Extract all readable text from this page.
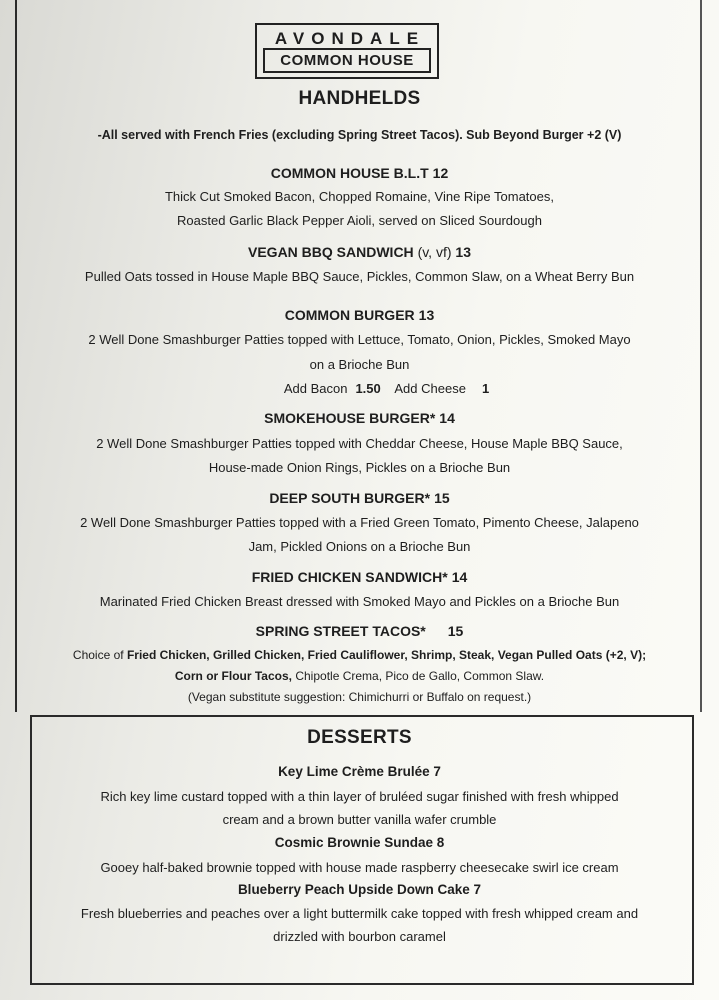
AVONDALE
COMMON HOUSE
HANDHELDS
-All served with French Fries (excluding Spring Street Tacos). Sub Beyond Burger +2 (V)
COMMON HOUSE B.L.T 12
Thick Cut Smoked Bacon, Chopped Romaine, Vine Ripe Tomatoes,
Roasted Garlic Black Pepper Aioli, served on Sliced Sourdough
VEGAN BBQ SANDWICH (v, vf) 13
Pulled Oats tossed in House Maple BBQ Sauce, Pickles, Common Slaw, on a Wheat Berry Bun
COMMON BURGER 13
2 Well Done Smashburger Patties topped with Lettuce, Tomato, Onion, Pickles, Smoked Mayo
on a Brioche Bun
Add Bacon 1.50 Add Cheese 1
SMOKEHOUSE BURGER* 14
2 Well Done Smashburger Patties topped with Cheddar Cheese, House Maple BBQ Sauce,
House-made Onion Rings, Pickles on a Brioche Bun
DEEP SOUTH BURGER* 15
2 Well Done Smashburger Patties topped with a Fried Green Tomato, Pimento Cheese, Jalapeno
Jam, Pickled Onions on a Brioche Bun
FRIED CHICKEN SANDWICH* 14
Marinated Fried Chicken Breast dressed with Smoked Mayo and Pickles on a Brioche Bun
SPRING STREET TACOS* 15
Choice of Fried Chicken, Grilled Chicken, Fried Cauliflower, Shrimp, Steak, Vegan Pulled Oats (+2, V);
Corn or Flour Tacos, Chipotle Crema, Pico de Gallo, Common Slaw.
(Vegan substitute suggestion: Chimichurri or Buffalo on request.)
DESSERTS
Key Lime Crème Brulée 7
Rich key lime custard topped with a thin layer of bruléed sugar finished with fresh whipped
cream and a brown butter vanilla wafer crumble
Cosmic Brownie Sundae 8
Gooey half-baked brownie topped with house made raspberry cheesecake swirl ice cream
Blueberry Peach Upside Down Cake 7
Fresh blueberries and peaches over a light buttermilk cake topped with fresh whipped cream and
drizzled with bourbon caramel
